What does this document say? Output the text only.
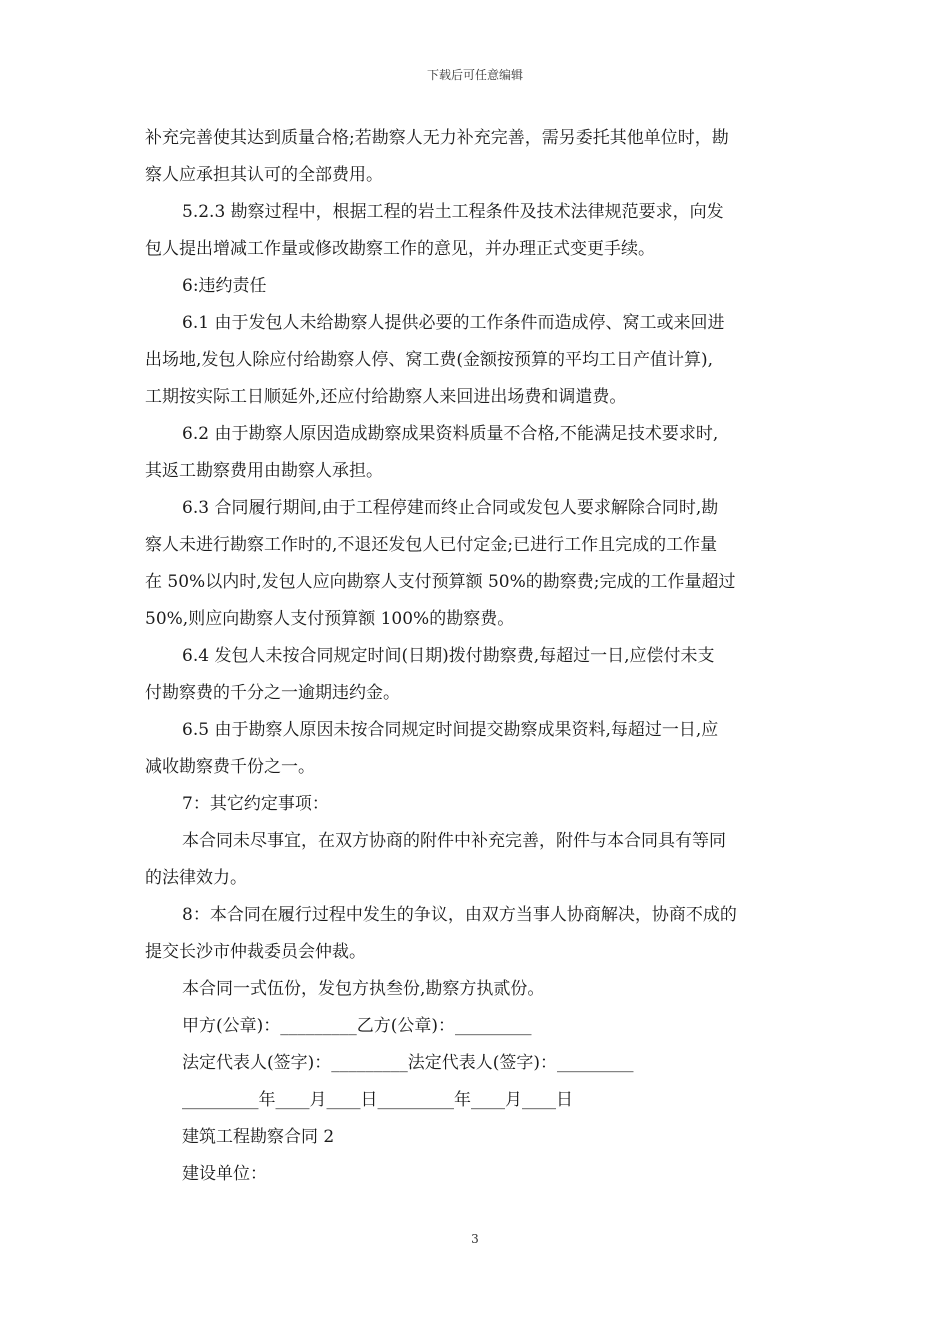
下载后可任意编辑

补充完善使其达到质量合格;若勘察人无力补充完善，需另委托其他单位时，勘

察人应承担其认可的全部费用。

5.2.3 勘察过程中，根据工程的岩土工程条件及技术法律规范要求，向发

包人提出增减工作量或修改勘察工作的意见，并办理正式变更手续。

6:违约责任

6.1 由于发包人未给勘察人提供必要的工作条件而造成停、窝工或来回进

出场地,发包人除应付给勘察人停、窝工费(金额按预算的平均工日产值计算),

工期按实际工日顺延外,还应付给勘察人来回进出场费和调遣费。

6.2 由于勘察人原因造成勘察成果资料质量不合格,不能满足技术要求时,

其返工勘察费用由勘察人承担。

6.3 合同履行期间,由于工程停建而终止合同或发包人要求解除合同时,勘

察人未进行勘察工作时的,不退还发包人已付定金;已进行工作且完成的工作量

在 50%以内时,发包人应向勘察人支付预算额 50%的勘察费;完成的工作量超过

50%,则应向勘察人支付预算额 100%的勘察费。

6.4 发包人未按合同规定时间(日期)拨付勘察费,每超过一日,应偿付未支

付勘察费的千分之一逾期违约金。

6.5 由于勘察人原因未按合同规定时间提交勘察成果资料,每超过一日,应

减收勘察费千份之一。

7：其它约定事项：

本合同未尽事宜，在双方协商的附件中补充完善，附件与本合同具有等同

的法律效力。

8：本合同在履行过程中发生的争议，由双方当事人协商解决，协商不成的

提交长沙市仲裁委员会仲裁。

本合同一式伍份，发包方执叁份,勘察方执贰份。

甲方(公章)：_________乙方(公章)：_________

法定代表人(签字)：_________法定代表人(签字)：_________

_________年____月____日_________年____月____日

建筑工程勘察合同 2

建设单位：

3
